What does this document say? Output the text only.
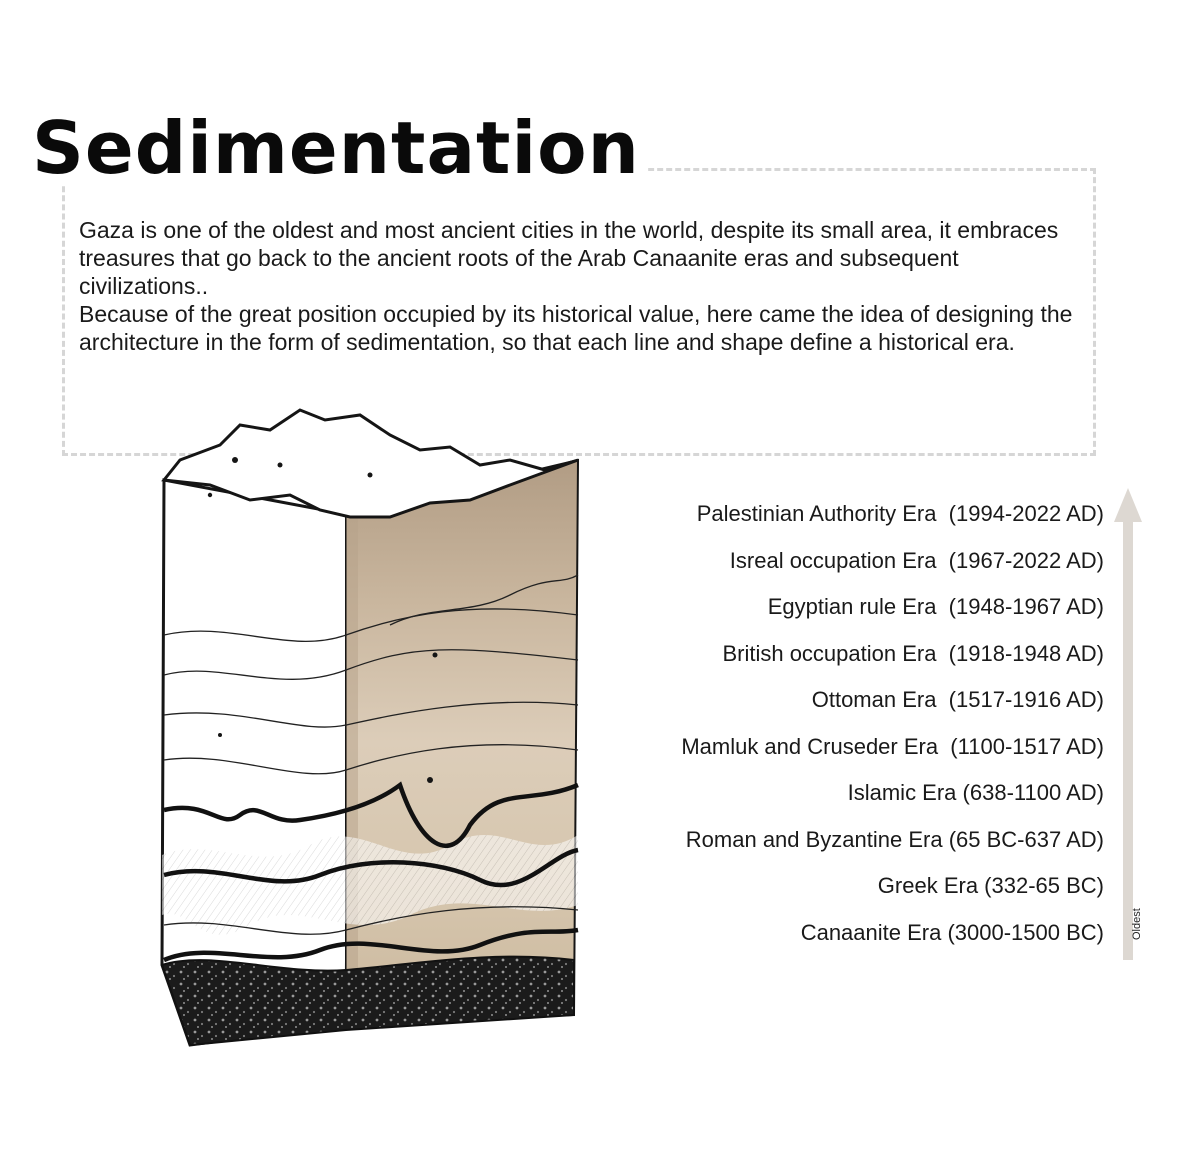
Sedimentation

Gaza is one of the oldest and most ancient cities in the world, despite its small area, it embraces treasures that go back to the ancient roots of the Arab Canaanite eras and subsequent civilizations..

Because of the great position occupied by its historical value, here came the idea of designing the architecture in the form of sedimentation, so that each line and shape define a historical era.

Palestinian Authority Era  (1994-2022 AD)
Isreal occupation Era  (1967-2022 AD)
Egyptian rule Era  (1948-1967 AD)
British occupation Era  (1918-1948 AD)
Ottoman Era  (1517-1916 AD)
Mamluk and Cruseder Era  (1100-1517 AD)
Islamic Era (638-1100 AD)
Roman and Byzantine Era (65 BC-637 AD)
Greek Era (332-65 BC)
Canaanite Era (3000-1500 BC) Oldest
